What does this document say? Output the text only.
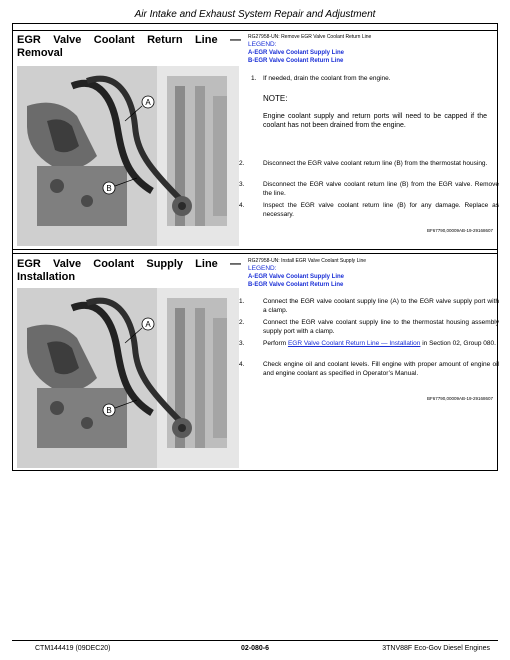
Air Intake and Exhaust System Repair and Adjustment
EGR Valve Coolant Return Line —
Removal
A
B
RG27958-UN: Remove EGR Valve Coolant Return Line
LEGEND:
A-EGR Valve Coolant Supply Line
B-EGR Valve Coolant Return Line
1. If needed, drain the coolant from the engine.
NOTE:
Engine coolant supply and return ports will need to be capped if the coolant has not been drained from the engine.
2.	Disconnect the EGR valve coolant return line (B) from the thermostat housing.
3.	Disconnect the EGR valve coolant return line (B) from the EGR valve. Remove the line.
4.	Inspect the EGR valve coolant return line (B) for any damage. Replace as necessary.
BF67790,00009AB-19-29168607
EGR Valve Coolant Supply Line —
Installation
A
B
RG27958-UN: Install EGR Valve Coolant Supply Line
LEGEND:
A-EGR Valve Coolant Supply Line
B-EGR Valve Coolant Return Line
1.	Connect the EGR valve coolant supply line (A) to the EGR valve supply port with a clamp.
2.	Connect the EGR valve coolant supply line to the thermostat housing assembly supply port with a clamp.
3.	Perform EGR Valve Coolant Return Line — Installation in Section 02, Group 080.
4.	Check engine oil and coolant levels. Fill engine with proper amount of engine oil and engine coolant as specified in Operator’s Manual.
BF67790,00009AB-19-29168607
CTM144419 (09DEC20)	02-080-6	3TNV88F Eco-Gov Diesel Engines
